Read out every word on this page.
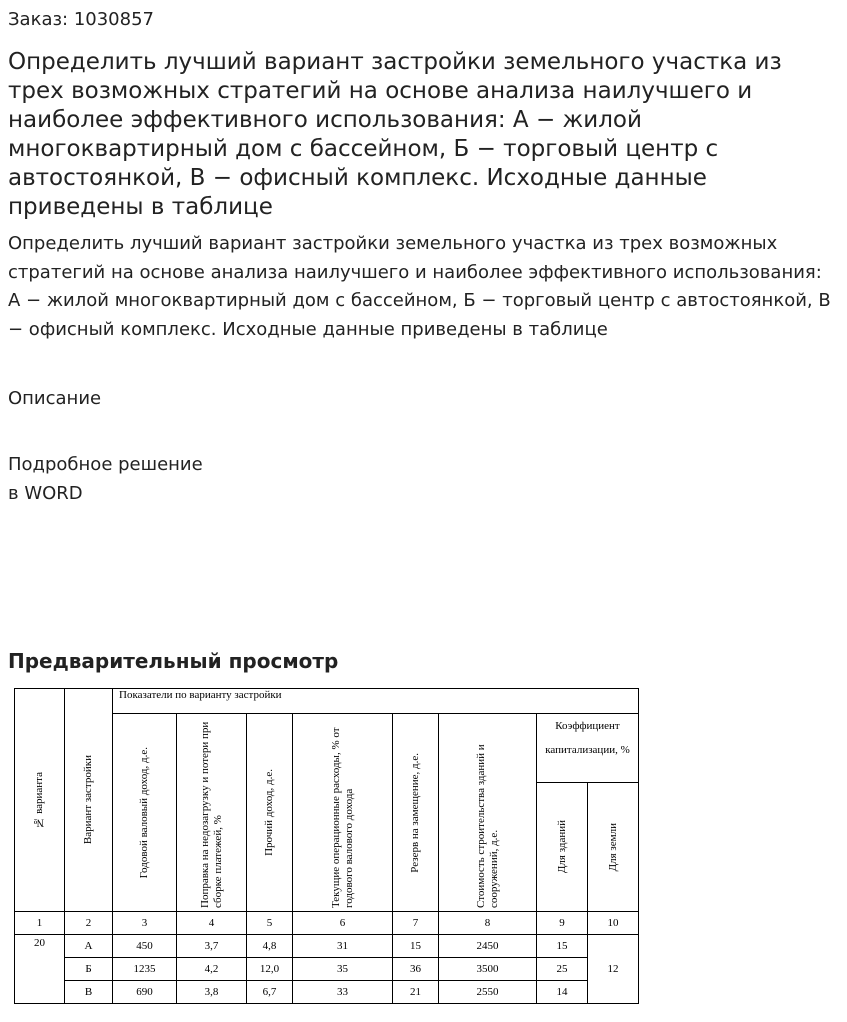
Заказ: 1030857
Определить лучший вариант застройки земельного участка из трех возможных стратегий на основе анализа наилучшего и наиболее эффективного использования: А − жилой многоквартирный дом с бассейном, Б − торговый центр с автостоянкой, В − офисный комплекс. Исходные данные приведены в таблице
Определить лучший вариант застройки земельного участка из трех возможных стратегий на основе анализа наилучшего и наиболее эффективного использования: А − жилой многоквартирный дом с бассейном, Б − торговый центр с автостоянкой, В − офисный комплекс. Исходные данные приведены в таблице
Описание
Подробное решение
в WORD
Предварительный просмотр
№ варианта	Вариант застройки	Показатели по варианту застройки							

		Годовой валовый доход, д.е.	Поправка на недозагрузку и потери при сборке платежей, %	Прочий доход, д.е.	Текущие операционные расходы, % от годового валового дохода	Резерв на замещение, д.е.	Стоимость строительства зданий и сооружений, д.е.	Коэффициент капитализации, %	

								Для зданий	Для земли

1	2	3	4	5	6	7	8	9	10
20	А	450	3,7	4,8	31	15	2450	15	12
	Б	1235	4,2	12,0	35	36	3500	25	
	В	690	3,8	6,7	33	21	2550	14	
